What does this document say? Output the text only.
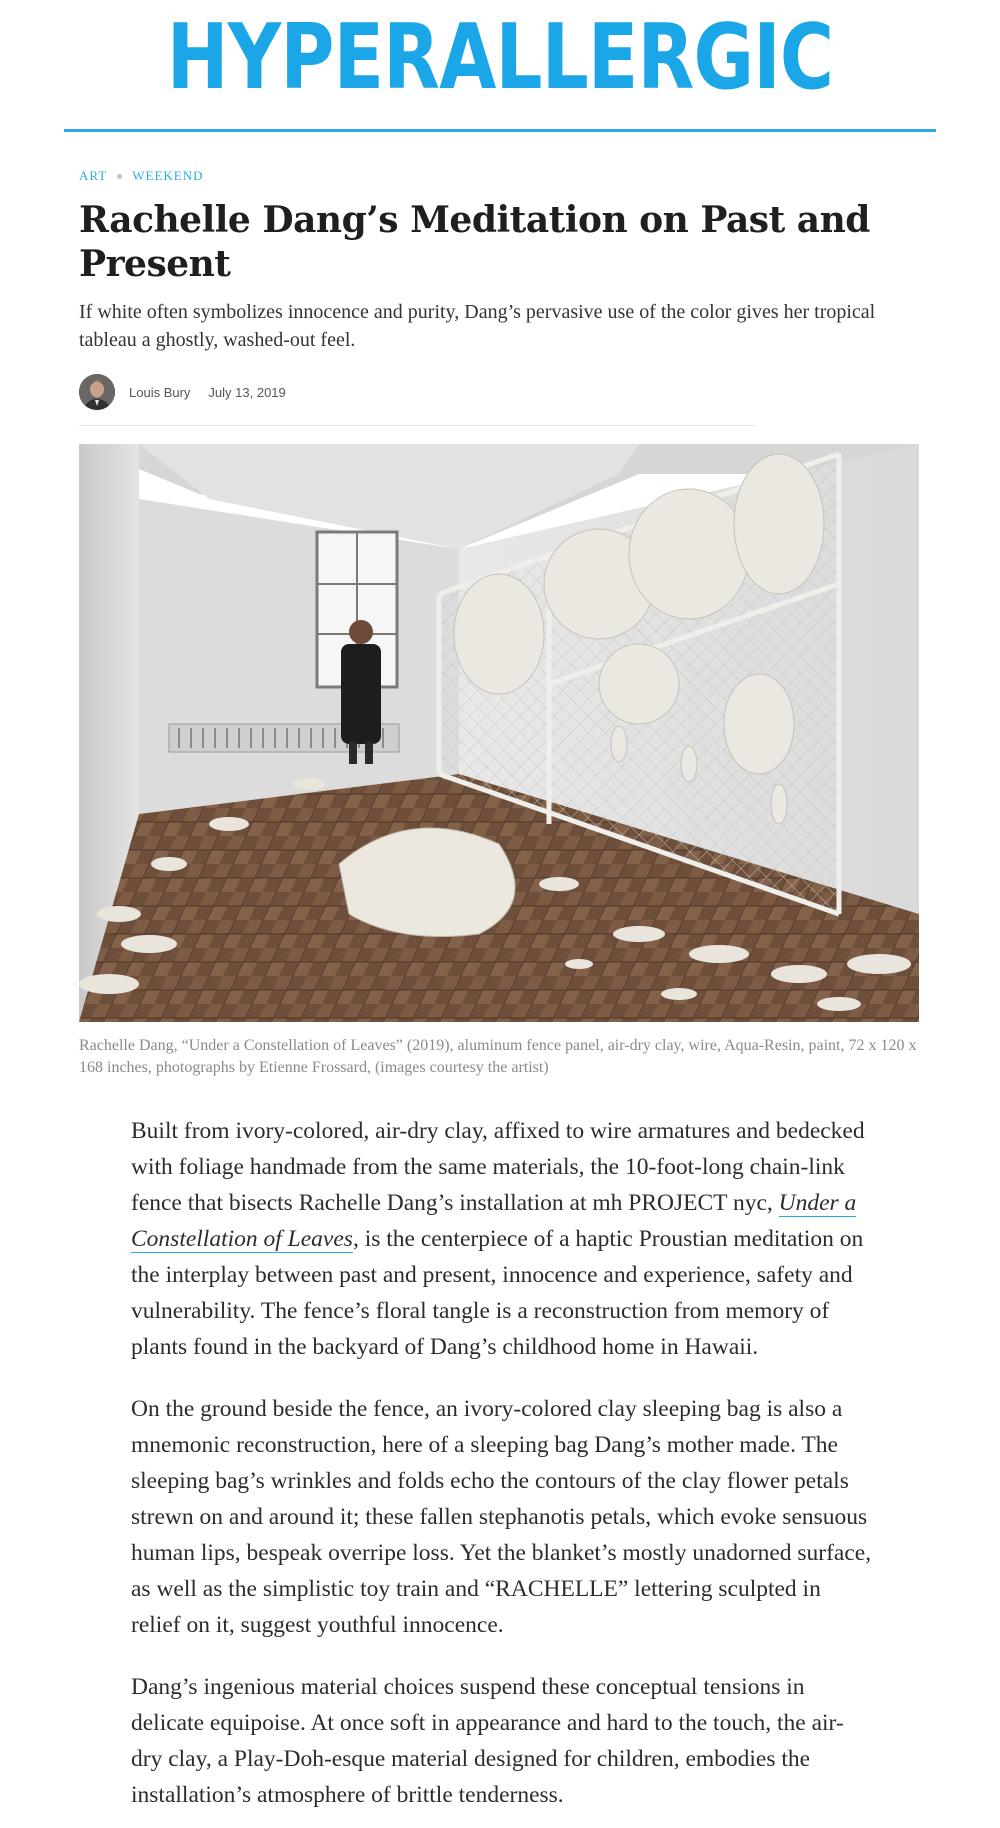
HYPERALLERGIC
ART WEEKEND
Rachelle Dang’s Meditation on Past and Present
If white often symbolizes innocence and purity, Dang’s pervasive use of the color gives her tropical tableau a ghostly, washed-out feel.
Louis Bury July 13, 2019
Rachelle Dang, “Under a Constellation of Leaves” (2019), aluminum fence panel, air-dry clay, wire, Aqua-Resin, paint, 72 x 120 x 168 inches, photographs by Etienne Frossard, (images courtesy the artist)

Built from ivory-colored, air-dry clay, affixed to wire armatures and bedecked with foliage handmade from the same materials, the 10-foot-long chain-link fence that bisects Rachelle Dang’s installation at mh PROJECT nyc, Under a Constellation of Leaves, is the centerpiece of a haptic Proustian meditation on the interplay between past and present, innocence and experience, safety and vulnerability. The fence’s floral tangle is a reconstruction from memory of plants found in the backyard of Dang’s childhood home in Hawaii.

On the ground beside the fence, an ivory-colored clay sleeping bag is also a mnemonic reconstruction, here of a sleeping bag Dang’s mother made. The sleeping bag’s wrinkles and folds echo the contours of the clay flower petals strewn on and around it; these fallen stephanotis petals, which evoke sensuous human lips, bespeak overripe loss. Yet the blanket’s mostly unadorned surface, as well as the simplistic toy train and “RACHELLE” lettering sculpted in relief on it, suggest youthful innocence.

Dang’s ingenious material choices suspend these conceptual tensions in delicate equipoise. At once soft in appearance and hard to the touch, the air-dry clay, a Play-Doh-esque material designed for children, embodies the installation’s atmosphere of brittle tenderness.
